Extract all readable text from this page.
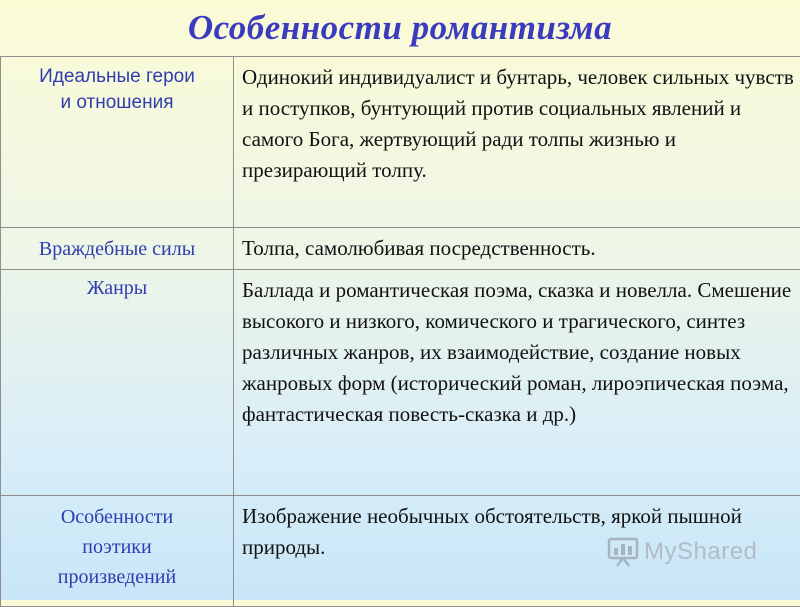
Особенности романтизма
Идеальные герои
и отношения	Одинокий индивидуалист и бунтарь, человек сильных чувств и поступков, бунтующий против социальных явлений и самого Бога, жертвующий ради толпы жизнью и презирающий толпу.

Враждебные силы	Толпа, самолюбивая посредственность.

Жанры	Баллада и романтическая поэма, сказка и новелла. Смешение высокого и низкого, комического и трагического, синтез различных жанров, их взаимодействие, создание новых жанровых форм (исторический роман, лироэпическая поэма, фантастическая повесть-сказка и др.)

Особенности
поэтики
произведений	Изображение необычных обстоятельств, яркой пышной природы.	MyShared
